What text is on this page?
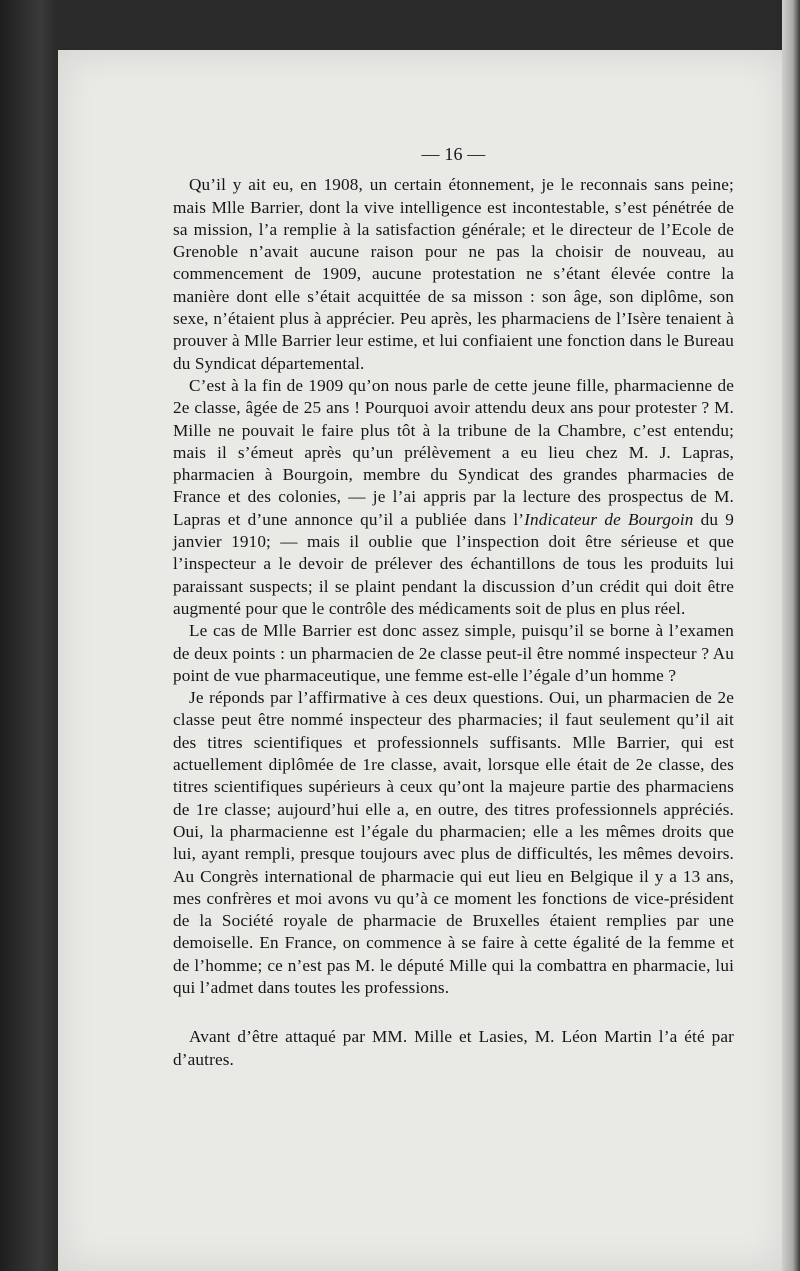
— 16 —

Qu’il y ait eu, en 1908, un certain étonnement, je le reconnais sans peine; mais Mlle Barrier, dont la vive intelligence est incontestable, s’est pénétrée de sa mission, l’a remplie à la satisfaction générale; et le directeur de l’Ecole de Grenoble n’avait aucune raison pour ne pas la choisir de nouveau, au commencement de 1909, aucune protestation ne s’étant élevée contre la manière dont elle s’était acquittée de sa misson : son âge, son diplôme, son sexe, n’étaient plus à apprécier. Peu après, les pharmaciens de l’Isère tenaient à prouver à Mlle Barrier leur estime, et lui confiaient une fonction dans le Bureau du Syndicat départemental.

C’est à la fin de 1909 qu’on nous parle de cette jeune fille, pharmacienne de 2e classe, âgée de 25 ans ! Pourquoi avoir attendu deux ans pour protester ? M. Mille ne pouvait le faire plus tôt à la tribune de la Chambre, c’est entendu; mais il s’émeut après qu’un prélèvement a eu lieu chez M. J. Lapras, pharmacien à Bourgoin, membre du Syndicat des grandes pharmacies de France et des colonies, — je l’ai appris par la lecture des prospectus de M. Lapras et d’une annonce qu’il a publiée dans l’Indicateur de Bourgoin du 9 janvier 1910; — mais il oublie que l’inspection doit être sérieuse et que l’inspecteur a le devoir de prélever des échantillons de tous les produits lui paraissant suspects; il se plaint pendant la discussion d’un crédit qui doit être augmenté pour que le contrôle des médicaments soit de plus en plus réel.

Le cas de Mlle Barrier est donc assez simple, puisqu’il se borne à l’examen de deux points : un pharmacien de 2e classe peut-il être nommé inspecteur ? Au point de vue pharmaceutique, une femme est-elle l’égale d’un homme ?

Je réponds par l’affirmative à ces deux questions. Oui, un pharmacien de 2e classe peut être nommé inspecteur des pharmacies; il faut seulement qu’il ait des titres scientifiques et professionnels suffisants. Mlle Barrier, qui est actuellement diplômée de 1re classe, avait, lorsque elle était de 2e classe, des titres scientifiques supérieurs à ceux qu’ont la majeure partie des pharmaciens de 1re classe; aujourd’hui elle a, en outre, des titres professionnels appréciés. Oui, la pharmacienne est l’égale du pharmacien; elle a les mêmes droits que lui, ayant rempli, presque toujours avec plus de difficultés, les mêmes devoirs. Au Congrès international de pharmacie qui eut lieu en Belgique il y a 13 ans, mes confrères et moi avons vu qu’à ce moment les fonctions de vice-président de la Société royale de pharmacie de Bruxelles étaient remplies par une demoiselle. En France, on commence à se faire à cette égalité de la femme et de l’homme; ce n’est pas M. le député Mille qui la combattra en pharmacie, lui qui l’admet dans toutes les professions.

Avant d’être attaqué par MM. Mille et Lasies, M. Léon Martin l’a été par d’autres.
